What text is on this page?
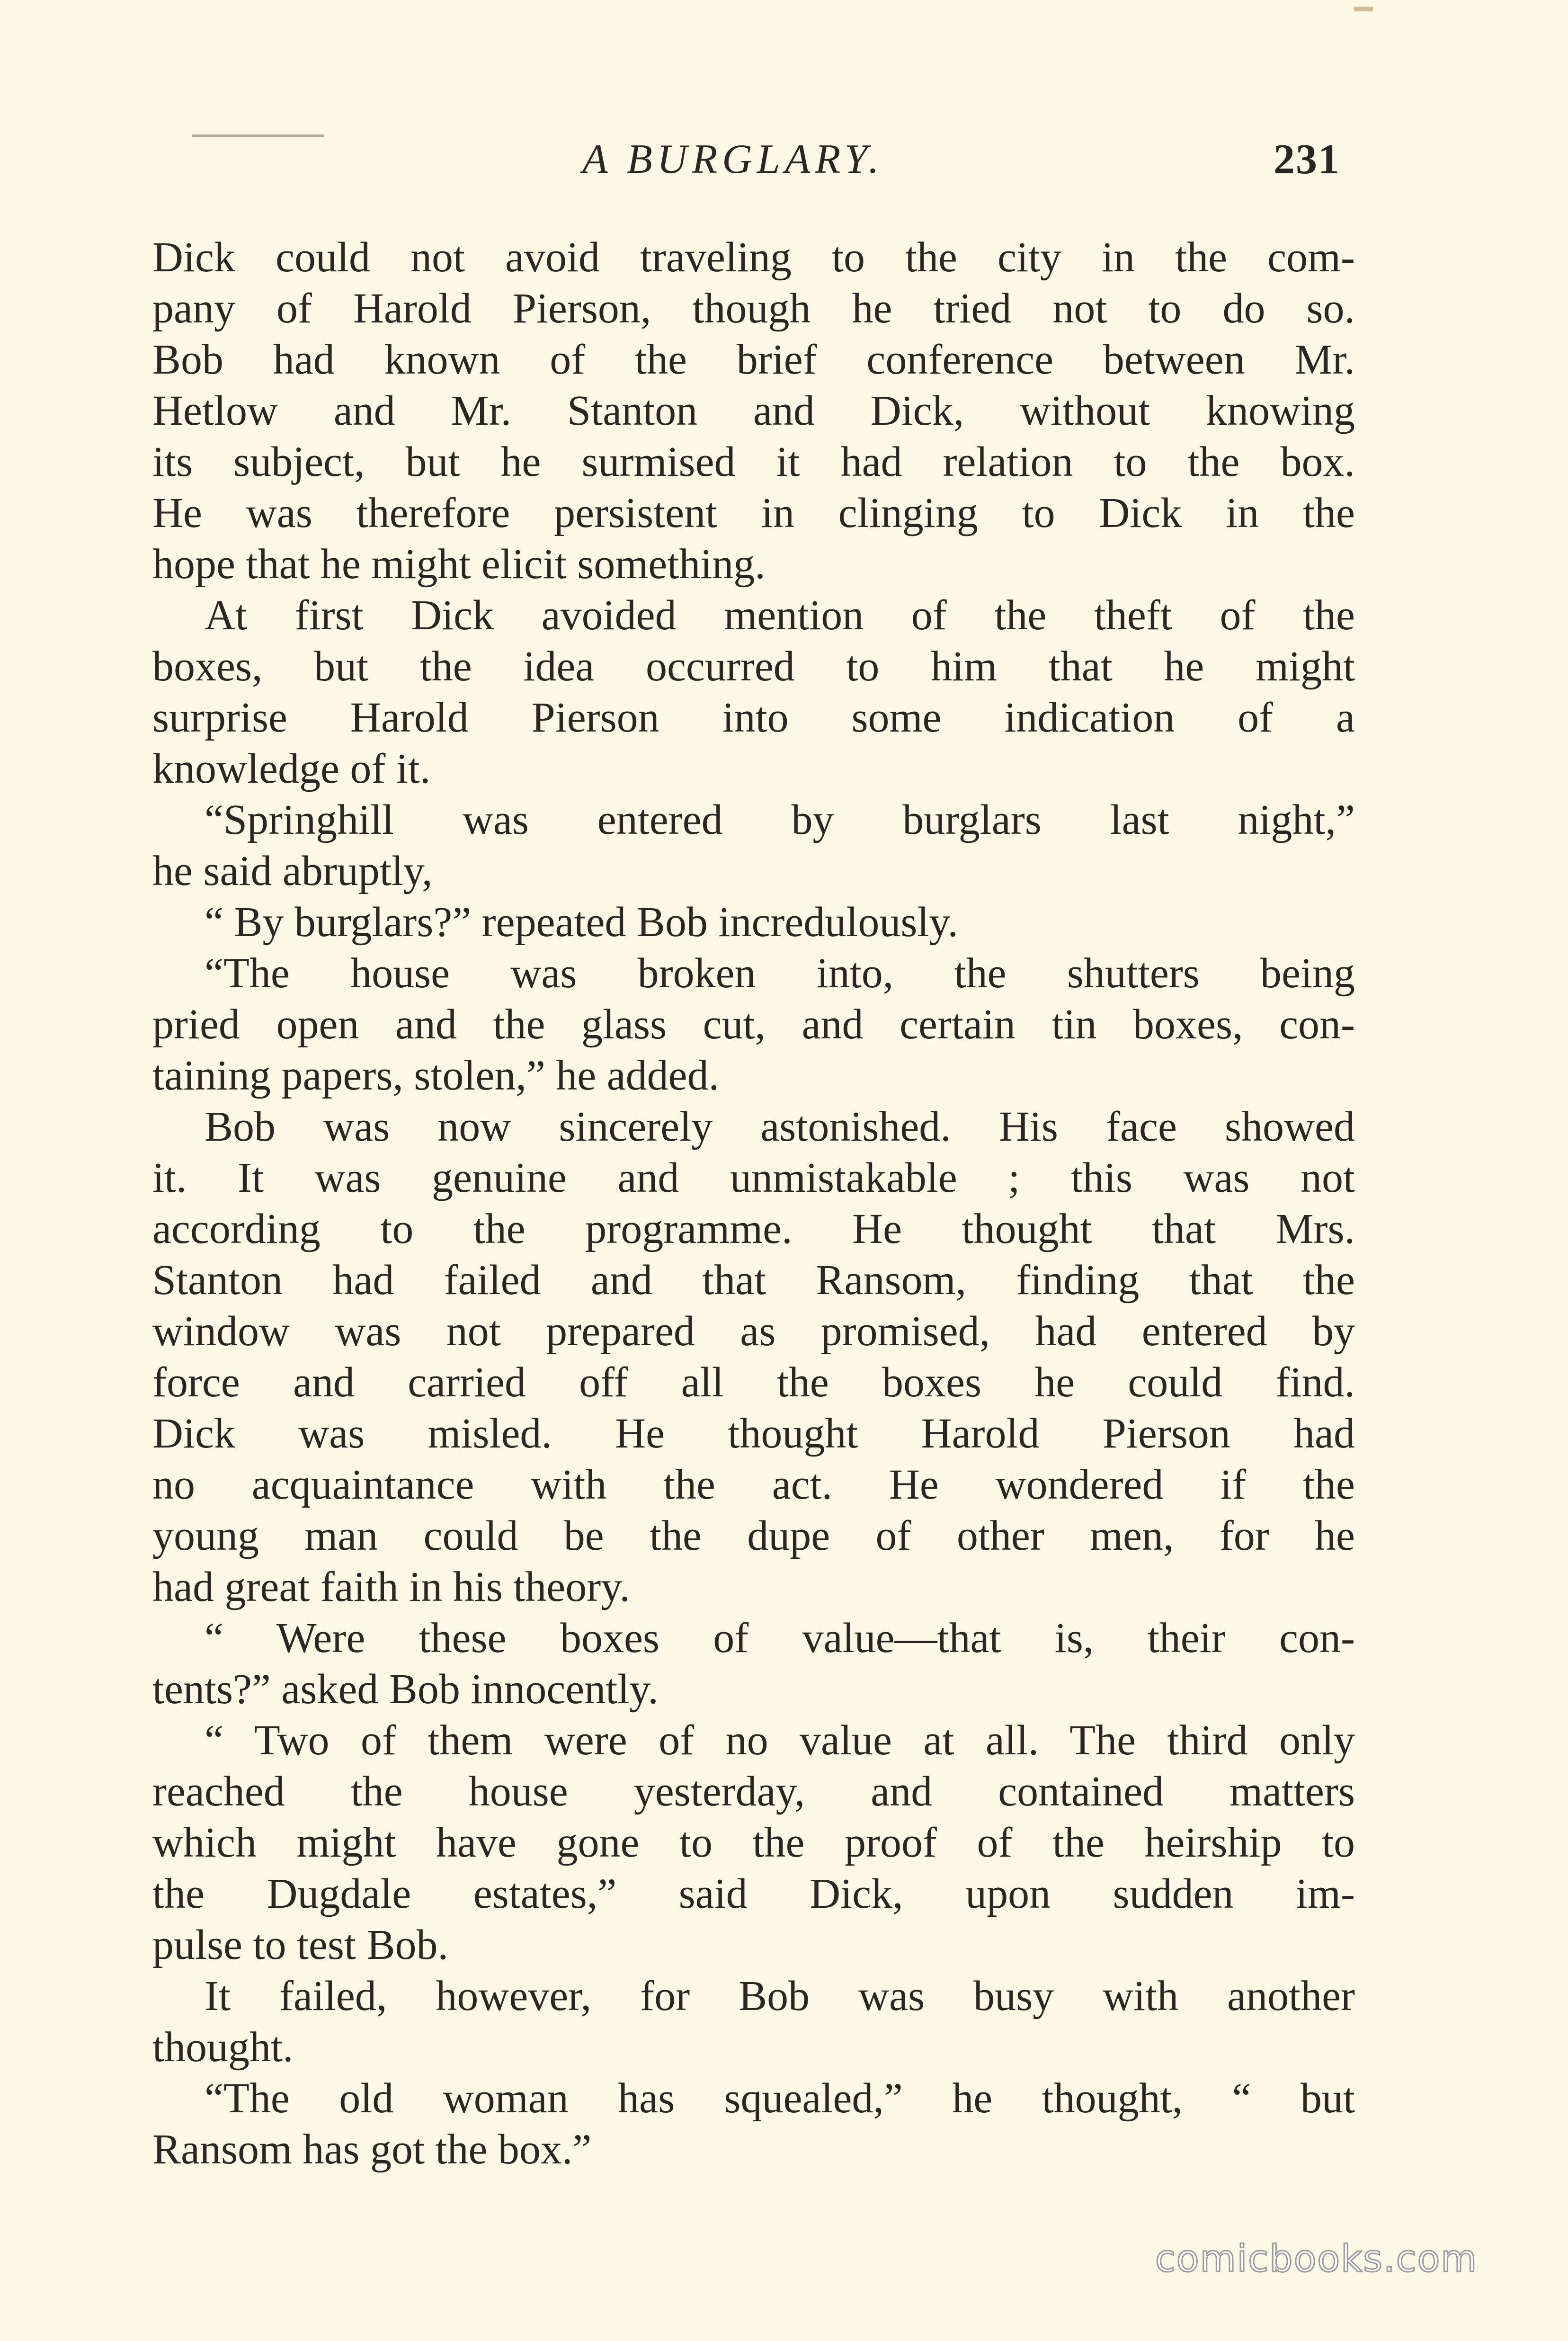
A BURGLARY.	231
Dick could not avoid traveling to the city in the com-
pany of Harold Pierson, though he tried not to do so.
Bob had known of the brief conference between Mr.
Hetlow and Mr. Stanton and Dick, without knowing
its subject, but he surmised it had relation to the box.
He was therefore persistent in clinging to Dick in the
hope that he might elicit something.
At first Dick avoided mention of the theft of the
boxes, but the idea occurred to him that he might
surprise Harold Pierson into some indication of a
knowledge of it.
“Springhill was entered by burglars last night,”
he said abruptly,
“ By burglars?” repeated Bob incredulously.
“The house was broken into, the shutters being
pried open and the glass cut, and certain tin boxes, con-
taining papers, stolen,” he added.
Bob was now sincerely astonished. His face showed
it. It was genuine and unmistakable ; this was not
according to the programme. He thought that Mrs.
Stanton had failed and that Ransom, finding that the
window was not prepared as promised, had entered by
force and carried off all the boxes he could find.
Dick was misled. He thought Harold Pierson had
no acquaintance with the act. He wondered if the
young man could be the dupe of other men, for he
had great faith in his theory.
“ Were these boxes of value—that is, their con-
tents?” asked Bob innocently.
“ Two of them were of no value at all. The third only
reached the house yesterday, and contained matters
which might have gone to the proof of the heirship to
the Dugdale estates,” said Dick, upon sudden im-
pulse to test Bob.
It failed, however, for Bob was busy with another
thought.
“The old woman has squealed,” he thought, “ but
Ransom has got the box.”
comicbooks.com
